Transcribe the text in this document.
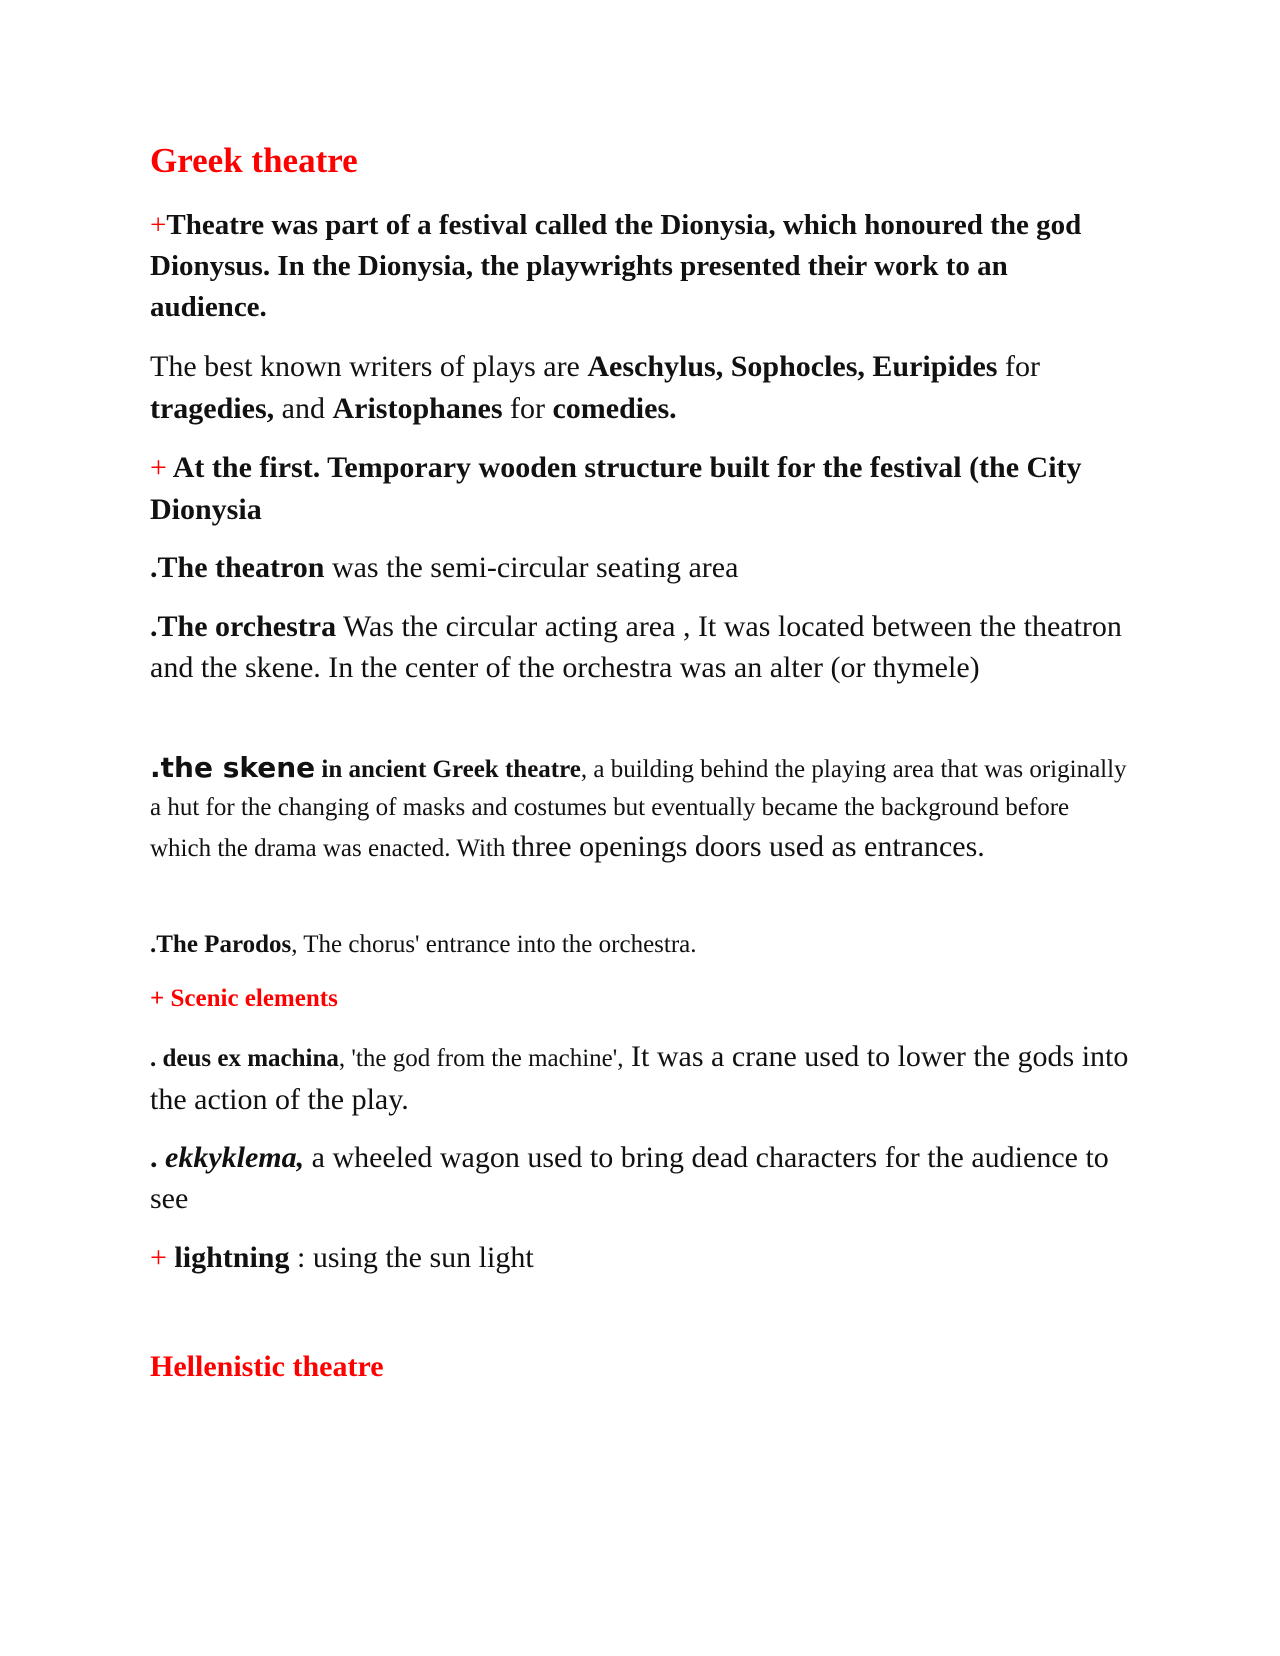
Greek theatre

+Theatre was part of a festival called the Dionysia, which honoured the god Dionysus. In the Dionysia, the playwrights presented their work to an audience.

The best known writers of plays are Aeschylus, Sophocles, Euripides for tragedies, and Aristophanes for comedies.

+ At the first. Temporary wooden structure built for the festival (the City Dionysia

.The theatron was the semi-circular seating area

.The orchestra Was the circular acting area , It was located between the theatron and the skene. In the center of the orchestra was an alter (or thymele)

.the skene in ancient Greek theatre, a building behind the playing area that was originally a hut for the changing of masks and costumes but eventually became the background before which the drama was enacted. With three openings doors used as entrances.

.The Parodos, The chorus' entrance into the orchestra.

+ Scenic elements

. deus ex machina, 'the god from the machine', It was a crane used to lower the gods into the action of the play.

. ekkyklema, a wheeled wagon used to bring dead characters for the audience to see

+ lightning : using the sun light

Hellenistic theatre
